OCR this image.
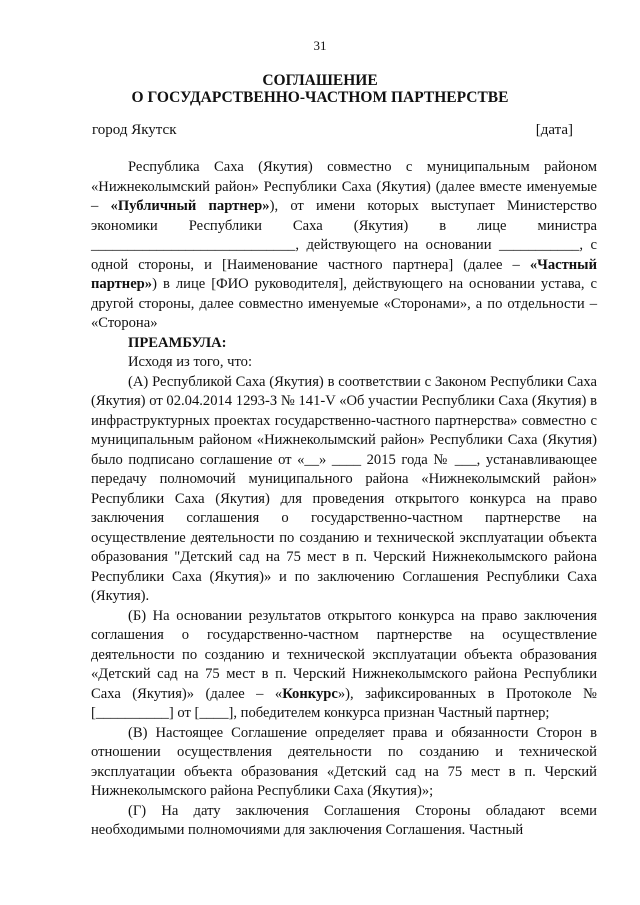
31
СОГЛАШЕНИЕ
О ГОСУДАРСТВЕННО-ЧАСТНОМ ПАРТНЕРСТВЕ
город Якутск	[дата]

Республика Саха (Якутия) совместно с муниципальным районом «Нижнеколымский район» Республики Саха (Якутия) (далее вместе именуемые – «Публичный партнер»), от имени которых выступает Министерство экономики Республики Саха (Якутия) в лице министра ____________________________, действующего на основании ___________, с одной стороны, и [Наименование частного партнера] (далее – «Частный партнер») в лице [ФИО руководителя], действующего на основании устава, с другой стороны, далее совместно именуемые «Сторонами», а по отдельности – «Сторона»

ПРЕАМБУЛА:

Исходя из того, что:

(А) Республикой Саха (Якутия) в соответствии с Законом Республики Саха (Якутия) от 02.04.2014 1293-З № 141-V «Об участии Республики Саха (Якутия) в инфраструктурных проектах государственно-частного партнерства» совместно с муниципальным районом «Нижнеколымский район» Республики Саха (Якутия) было подписано соглашение от «__» ____ 2015 года № ___, устанавливающее передачу полномочий муниципального района «Нижнеколымский район» Республики Саха (Якутия) для проведения открытого конкурса на право заключения соглашения о государственно-частном партнерстве на осуществление деятельности по созданию и технической эксплуатации объекта образования "Детский сад на 75 мест в п. Черский Нижнеколымского района Республики Саха (Якутия)» и по заключению Соглашения Республики Саха (Якутия).

(Б) На основании результатов открытого конкурса на право заключения соглашения о государственно-частном партнерстве на осуществление деятельности по созданию и технической эксплуатации объекта образования «Детский сад на 75 мест в п. Черский Нижнеколымского района Республики Саха (Якутия)» (далее – «Конкурс»), зафиксированных в Протоколе № [__________] от [____], победителем конкурса признан Частный партнер;

(В) Настоящее Соглашение определяет права и обязанности Сторон в отношении осуществления деятельности по созданию и технической эксплуатации объекта образования «Детский сад на 75 мест в п. Черский Нижнеколымского района Республики Саха (Якутия)»;

(Г) На дату заключения Соглашения Стороны обладают всеми необходимыми полномочиями для заключения Соглашения. Частный
